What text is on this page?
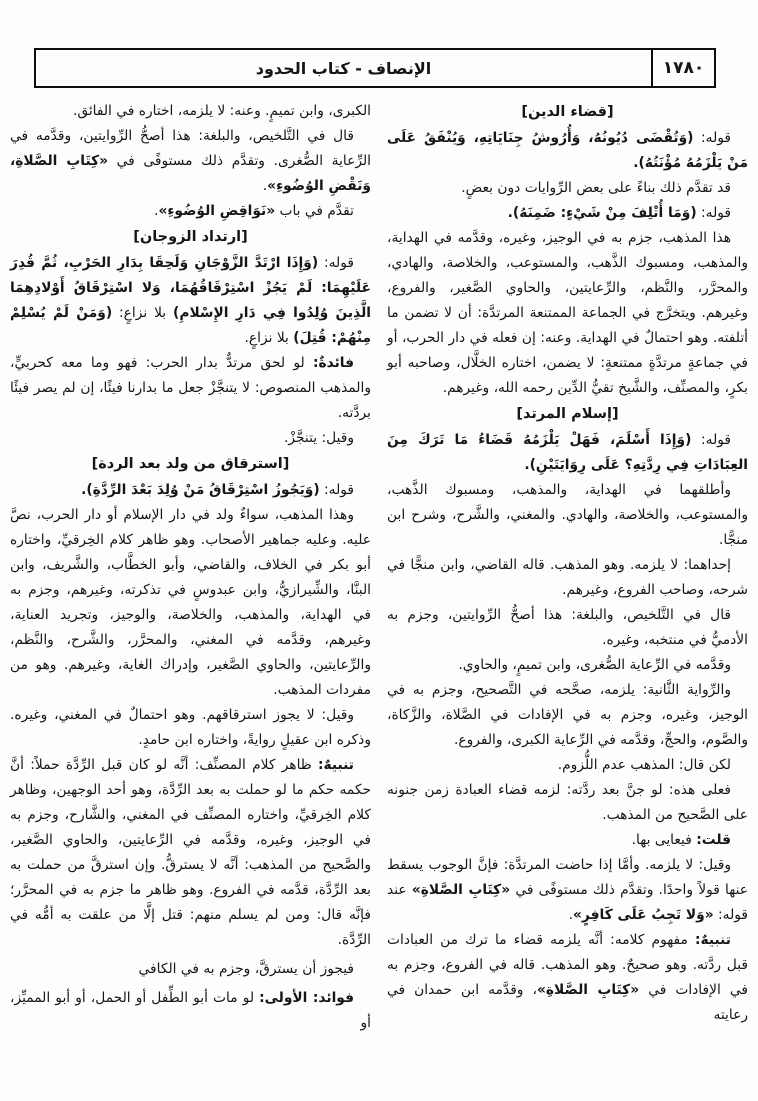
١٧٨٠
الإنصاف - كتاب الحدود

[قضاء الدين]

قوله: (وَتُقْضَى دُيُونُهُ، وَأُرُوشُ جِنَايَاتِهِ، وَيُنْفَقُ عَلَى مَنْ يَلْزَمُهُ مُؤْنَتُهُ).

قد تقدَّم ذلك بناءً على بعض الرِّوايات دون بعضٍ.

قوله: (وَمَا أُتْلِفَ مِنْ شَيْءٍ: ضَمِنَهُ).

هذا المذهب، جزم به في الوجيز، وغيره، وقدَّمه في الهداية، والمذهب، ومسبوك الذَّهب، والمستوعب، والخلاصة، والهادي، والمحرَّر، والنَّظم، والرِّعايتين، والحاوي الصَّغير، والفروع، وغيرهم. ويتخرَّج في الجماعة الممتنعة المرتدَّة: أن لا تضمن ما أتلفته. وهو احتمالٌ في الهداية. وعنه: إن فعله في دار الحرب، أو في جماعةٍ مرتدَّةٍ ممتنعةٍ: لا يضمن، اختاره الخلَّال، وصاحبه أبو بكرٍ، والمصنِّف، والشَّيخ تقيُّ الدِّين رحمه الله، وغيرهم.

[إسلام المرتد]

قوله: (وَإِذَا أَسْلَمَ، فَهَلْ يَلْزَمُهُ قَضَاءُ مَا تَرَكَ مِنَ العِبَادَاتِ فِي رِدَّتِهِ؟ عَلَى رِوَايَتَيْنِ).

وأطلقهما في الهداية، والمذهب، ومسبوك الذَّهب، والمستوعب، والخلاصة، والهادي. والمغني، والشَّرح، وشرح ابن منجًّا.

إحداهما: لا يلزمه. وهو المذهب. قاله القاضي، وابن منجًّا في شرحه، وصاحب الفروع، وغيرهم.

قال في التَّلخيص، والبلغة: هذا أصحُّ الرِّوايتين، وجزم به الأدميُّ في منتخبه، وغيره.

وقدَّمه في الرِّعاية الصُّغرى، وابن تميمٍ، والحاوي.

والرِّواية الثَّانية: يلزمه، صحَّحه في التَّصحيح، وجزم به في الوجيز، وغيره، وجزم به في الإفادات في الصَّلاة، والزَّكاة، والصَّوم، والحجِّ، وقدَّمه في الرِّعاية الكبرى، والفروع.

لكن قال: المذهب عدم اللُّزوم.

فعلى هذه: لو جنَّ بعد ردَّته: لزمه قضاء العبادة زمن جنونه على الصَّحيح من المذهب.

قلت: فيعايى بها.

وقيل: لا يلزمه. وأمَّا إذا حاضت المرتدَّة: فإنَّ الوجوب يسقط عنها قولاً واحدًا. وتقدَّم ذلك مستوفًى في «كِتَابِ الصَّلاةِ» عند قوله: «وَلا تَجِبُ عَلَى كَافِرٍ».

تنبيهٌ: مفهوم كلامه: أنَّه يلزمه قضاء ما ترك من العبادات قبل ردَّته. وهو صحيحٌ. وهو المذهب. قاله في الفروع، وجزم به في الإفادات في «كِتَابِ الصَّلاةِ»، وقدَّمه ابن حمدان في رعايته

الكبرى، وابن تميمٍ. وعنه: لا يلزمه، اختاره في الفائق.

قال في التَّلخيص، والبلغة: هذا أصحُّ الرِّوايتين، وقدَّمه في الرِّعاية الصُّغرى. وتقدَّم ذلك مستوفًى في «كِتَابِ الصَّلاةِ، وَنَقْضِ الوُضُوءِ».

تقدَّم في باب «نَوَاقِضِ الوُضُوءِ».

[ارتداد الزوجان]

قوله: (وَإِذَا ارْتَدَّ الزَّوْجَانِ وَلَحِقَا بِدَارِ الحَرْبِ، ثُمَّ قُدِرَ عَلَيْهِمَا: لَمْ يَجُزْ اسْتِرْقَاقُهُمَا، وَلا اسْتِرْقَاقُ أَوْلادِهِمَا الَّذِينَ وُلِدُوا فِي دَارِ الإِسْلامِ) بلا نزاعٍ: (وَمَنْ لَمْ يُسْلِمْ مِنْهُمْ: قُتِلَ) بلا نزاعٍ.

فائدةٌ: لو لحق مرتدٌّ بدار الحرب: فهو وما معه كحربيٍّ، والمذهب المنصوص: لا يتنجَّزْ جعل ما بدارنا فيئًا، إن لم يصر فيئًا بردَّته.

وقيل: يتنجَّزْ.

[استرقاق من ولد بعد الردة]

قوله: (وَيَجُوزُ اسْتِرْقَاقُ مَنْ وُلِدَ بَعْدَ الرِّدَّةِ).

وهذا المذهب، سواءٌ ولد في دار الإسلام أو دار الحرب، نصَّ عليه. وعليه جماهير الأصحاب. وهو ظاهر كلام الخِرقيِّ، واختاره أبو بكر في الخلاف، والقاضي، وأبو الخطَّاب، والشَّريف، وابن البنَّا، والشِّيرازيُّ، وابن عبدوسٍ في تذكرته، وغيرهم، وجزم به في الهداية، والمذهب، والخلاصة، والوجيز، وتجريد العناية، وغيرهم، وقدَّمه في المغني، والمحرَّر، والشَّرح، والنَّظم، والرِّعايتين، والحاوي الصَّغير، وإدراك الغاية، وغيرهم. وهو من مفردات المذهب.

وقيل: لا يجوز استرقاقهم. وهو احتمالٌ في المغني، وغيره. وذكره ابن عقيلٍ روايةً، واختاره ابن حامدٍ.

تنبيهٌ: ظاهر كلام المصنِّف: أنَّه لو كان قبل الرِّدَّة حملاً: أنَّ حكمه حكم ما لو حملت به بعد الرِّدَّة، وهو أحد الوجهين، وظاهر كلام الخِرقيِّ، واختاره المصنِّف في المغني، والشَّارح، وجزم به في الوجيز، وغيره، وقدَّمه في الرِّعايتين، والحاوي الصَّغير، والصَّحيح من المذهب: أنَّه لا يسترقُّ. وإن استرقَّ من حملت به بعد الرِّدَّة، قدَّمه في الفروع. وهو ظاهر ما جزم به في المحرَّر؛ فإنَّه قال: ومن لم يسلم منهم: قتل إلَّا من علقت به أمُّه في الرِّدَّة.

فيجوز أن يسترقَّ، وجزم به في الكافي

فوائد: الأولى: لو مات أبو الطِّفل أو الحمل، أو أبو المميِّز، أو
